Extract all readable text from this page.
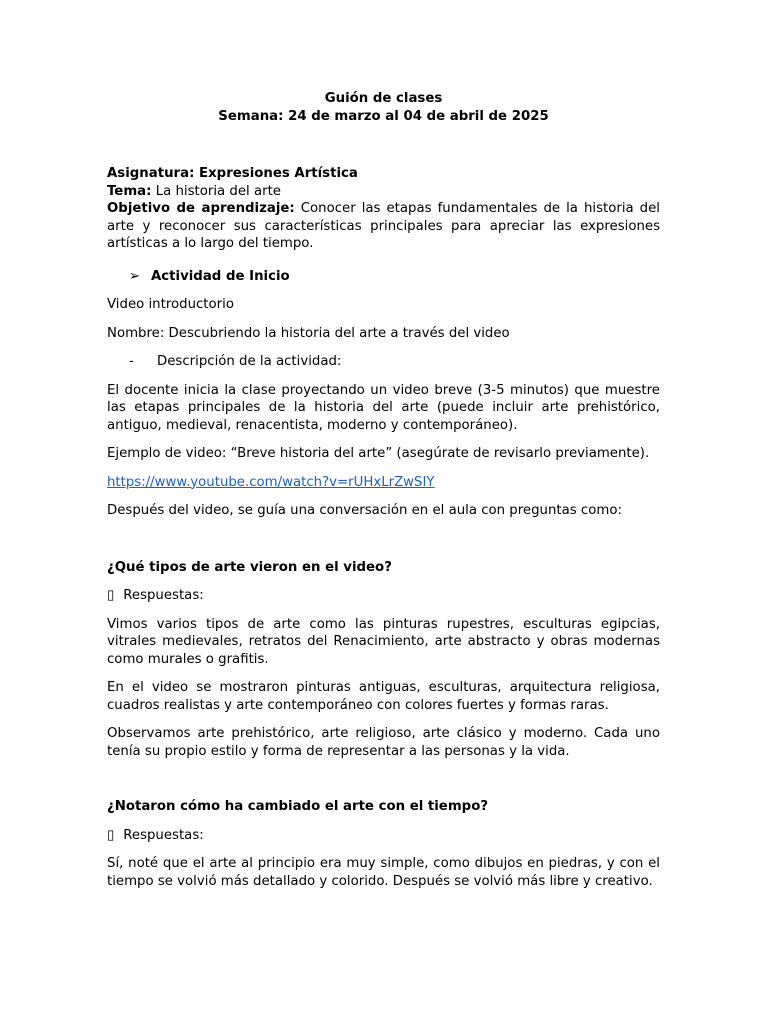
Guión de clases

Semana: 24 de marzo al 04 de abril de 2025

Asignatura: Expresiones Artística

Tema: La historia del arte

Objetivo de aprendizaje: Conocer las etapas fundamentales de la historia del arte y reconocer sus características principales para apreciar las expresiones artísticas a lo largo del tiempo.

➢ Actividad de Inicio

Video introductorio

Nombre: Descubriendo la historia del arte a través del video

- Descripción de la actividad:

El docente inicia la clase proyectando un video breve (3-5 minutos) que muestre las etapas principales de la historia del arte (puede incluir arte prehistórico, antiguo, medieval, renacentista, moderno y contemporáneo).

Ejemplo de video: “Breve historia del arte” (asegúrate de revisarlo previamente).

https://www.youtube.com/watch?v=rUHxLrZwSIY

Después del video, se guía una conversación en el aula con preguntas como:

¿Qué tipos de arte vieron en el video?

▯ Respuestas:

Vimos varios tipos de arte como las pinturas rupestres, esculturas egipcias, vitrales medievales, retratos del Renacimiento, arte abstracto y obras modernas como murales o grafitis.

En el video se mostraron pinturas antiguas, esculturas, arquitectura religiosa, cuadros realistas y arte contemporáneo con colores fuertes y formas raras.

Observamos arte prehistórico, arte religioso, arte clásico y moderno. Cada uno tenía su propio estilo y forma de representar a las personas y la vida.

¿Notaron cómo ha cambiado el arte con el tiempo?

▯ Respuestas:

Sí, noté que el arte al principio era muy simple, como dibujos en piedras, y con el tiempo se volvió más detallado y colorido. Después se volvió más libre y creativo.
